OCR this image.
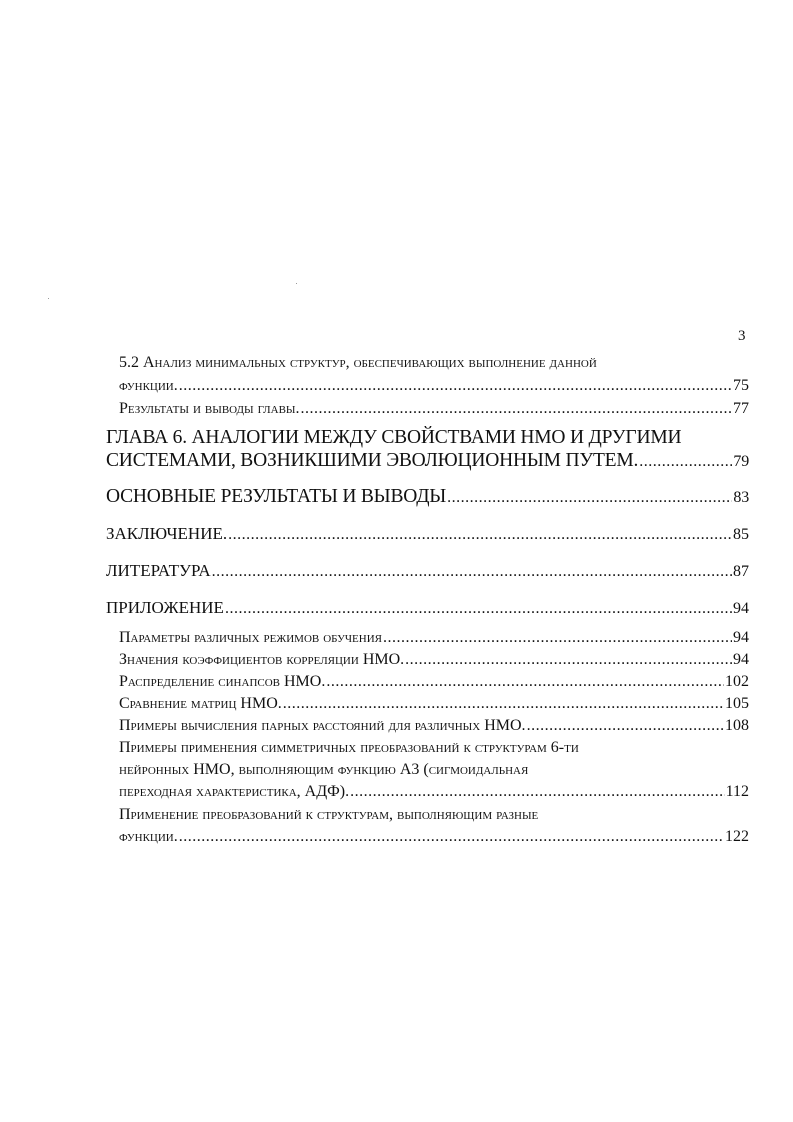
3
5.2 Анализ минимальных структур, обеспечивающих выполнение данной
функции. .....	75
Результаты и выводы главы. .....	77
ГЛАВА 6. АНАЛОГИИ МЕЖДУ СВОЙСТВАМИ НМО И ДРУГИМИ
СИСТЕМАМИ, ВОЗНИКШИМИ ЭВОЛЮЦИОННЫМ ПУТЕМ. .....	79
ОСНОВНЫЕ РЕЗУЛЬТАТЫ И ВЫВОДЫ .....	83
ЗАКЛЮЧЕНИЕ. .....	85
ЛИТЕРАТУРА .....	87
ПРИЛОЖЕНИЕ .....	94
Параметры различных режимов обучения .....	94
Значения коэффициентов корреляции НМО. .....	94
Распределение синапсов НМО. .....	102
Сравнение матриц НМО. .....	105
Примеры вычисления парных расстояний для различных НМО. .....	108
Примеры применения симметричных преобразований к структурам 6-ти
нейронных НМО, выполняющим функцию A3 (сигмоидальная
переходная характеристика, АДФ). .....	112
Применение преобразований к структурам, выполняющим разные
функции. .....	122
